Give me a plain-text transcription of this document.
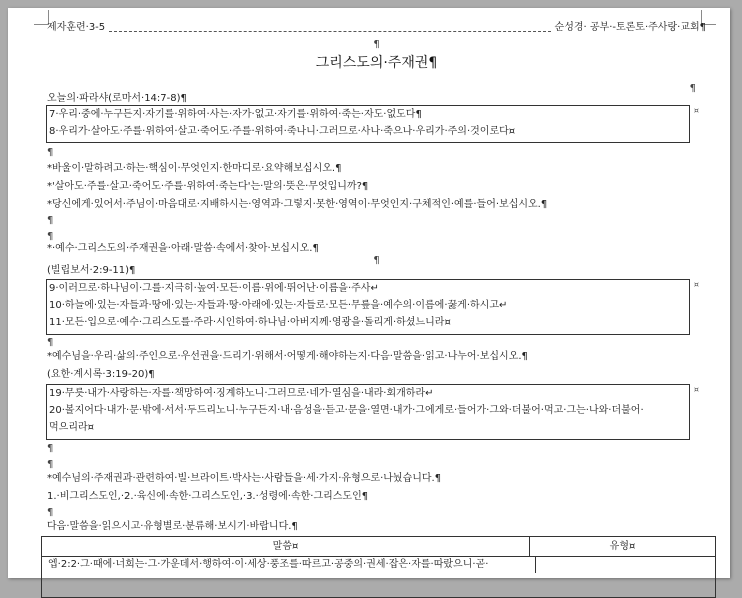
제자훈련·3-5	순성경· 공부·-토론토·주사랑·교회¶
¶
그리스도의·주재권¶
¶
오늘의·파라샤(로마서·14:7-8)¶
7·우리·중에·누구든지·자기를·위하여·사는·자가·없고·자기를·위하여·죽는·자도·없도다¶
8·우리가·살아도·주를·위하여·살고·죽어도·주를·위하여·죽나니·그러므로·사나·죽으나·우리가·주의·것이로다¤
¤
¶
*바울이·말하려고·하는·핵심이·무엇인지·한마디로·요약해보십시오.¶
*'살아도·주를·살고·죽어도·주를·위하여·죽는다'는·말의·뜻은·무엇입니까?¶
*당신에게·있어서·주님이·마음대로·지배하시는·영역과·그렇지·못한·영역이·무엇인지·구체적인·예를·들어·보십시오.¶
¶
¶
*·예수·그리스도의·주재권을·아래·말씀·속에서·찾아·보십시오.¶
¶
(빌립보서·2:9-11)¶
9·이러므로·하나님이·그를·지극히·높여·모든·이름·위에·뛰어난·이름을·주사↵
10·하늘에·있는·자들과·땅에·있는·자들과·땅·아래에·있는·자들로·모든·무릎을·예수의·이름에·꿇게·하시고↵
11·모든·입으로·예수·그리스도를·주라·시인하여·하나님·아버지께·영광을·돌리게·하셨느니라¤
¤
¶
*예수님을·우리·삶의·주인으로·우선권을·드리기·위해서·어떻게·해야하는지·다음·말씀을·읽고·나누어·보십시오.¶
(요한·계시록·3:19-20)¶
19·무릇·내가·사랑하는·자를·책망하여·징계하노니·그러므로·네가·열심을·내라·회개하라↵
20·볼지어다·내가·문·밖에·서서·두드리노니·누구든지·내·음성을·듣고·문을·열면·내가·그에게로·들어가·그와·더불어·먹고·그는·나와·더불어·
먹으리라¤
¤
¶
¶
*예수님의·주재권과·관련하여·빌·브라이트·박사는·사람들을·세·가지·유형으로·나눴습니다.¶
1.·비그리스도인,·2.·육신에·속한·그리스도인,·3.·성령에·속한·그리스도인¶
¶
다음·말씀을·읽으시고·유형별로·분류해·보시기·바랍니다.¶
말씀¤	유형¤
엡·2:2·그·때에·너희는·그·가운데서·행하여·이·세상·풍조를·따르고·공중의·권세·잡은·자를·따랐으니·곧·
